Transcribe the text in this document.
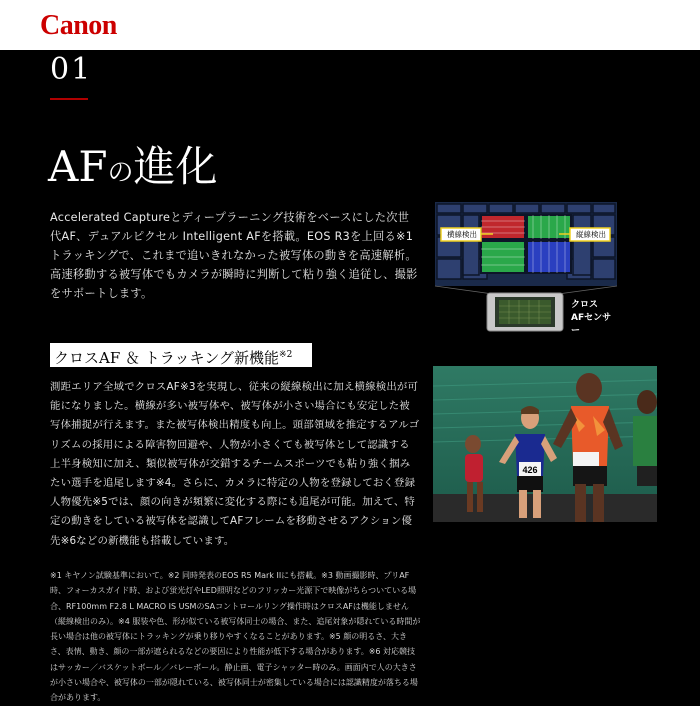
Canon
01
AFの進化
Accelerated Captureとディープラーニング技術をベースにした次世代AF、デュアルピクセル Intelligent AFを搭載。EOS R3を上回る※1トラッキングで、これまで追いきれなかった被写体の動きを高速解析。高速移動する被写体でもカメラが瞬時に判断して粘り強く追従し、撮影をサポートします。
横線検出	縦線検出
クロス
AFセンサー
クロスAF ＆ トラッキング新機能$^{※2}$
測距エリア全域でクロスAF※3を実現し、従来の縦線検出に加え横線検出が可能になりました。横線が多い被写体や、被写体が小さい場合にも安定した被写体捕捉が行えます。また被写体検出精度も向上。頭部領域を推定するアルゴリズムの採用による障害物回避や、人物が小さくても被写体として認識する上半身検知に加え、類似被写体が交錯するチームスポーツでも粘り強く掴みたい選手を追尾します※4。さらに、カメラに特定の人物を登録しておく登録人物優先※5では、顔の向きが頻繁に変化する際にも追尾が可能。加えて、特定の動きをしている被写体を認識してAFフレームを移動させるアクション優先※6などの新機能も搭載しています。
426
※1 キヤノン試験基準において。※2 同時発表のEOS R5 Mark IIにも搭載。※3 動画撮影時、プリAF時、フォーカスガイド時、および蛍光灯やLED照明などのフリッカー光源下で映像がちらついている場合、RF100mm F2.8 L MACRO IS USMのSAコントロールリング操作時はクロスAFは機能しません（縦線検出のみ）。※4 服装や色、形が似ている被写体同士の場合、また、追尾対象が隠れている時間が長い場合は他の被写体にトラッキングが乗り移りやすくなることがあります。※5 顔の明るさ、大きさ、表情、動き、顔の一部が遮られるなどの要因により性能が低下する場合があります。※6 対応競技はサッカー／バスケットボール／バレーボール。静止画、電子シャッター時のみ。画面内で人の大きさが小さい場合や、被写体の一部が隠れている、被写体同士が密集している場合には認識精度が落ちる場合があります。
